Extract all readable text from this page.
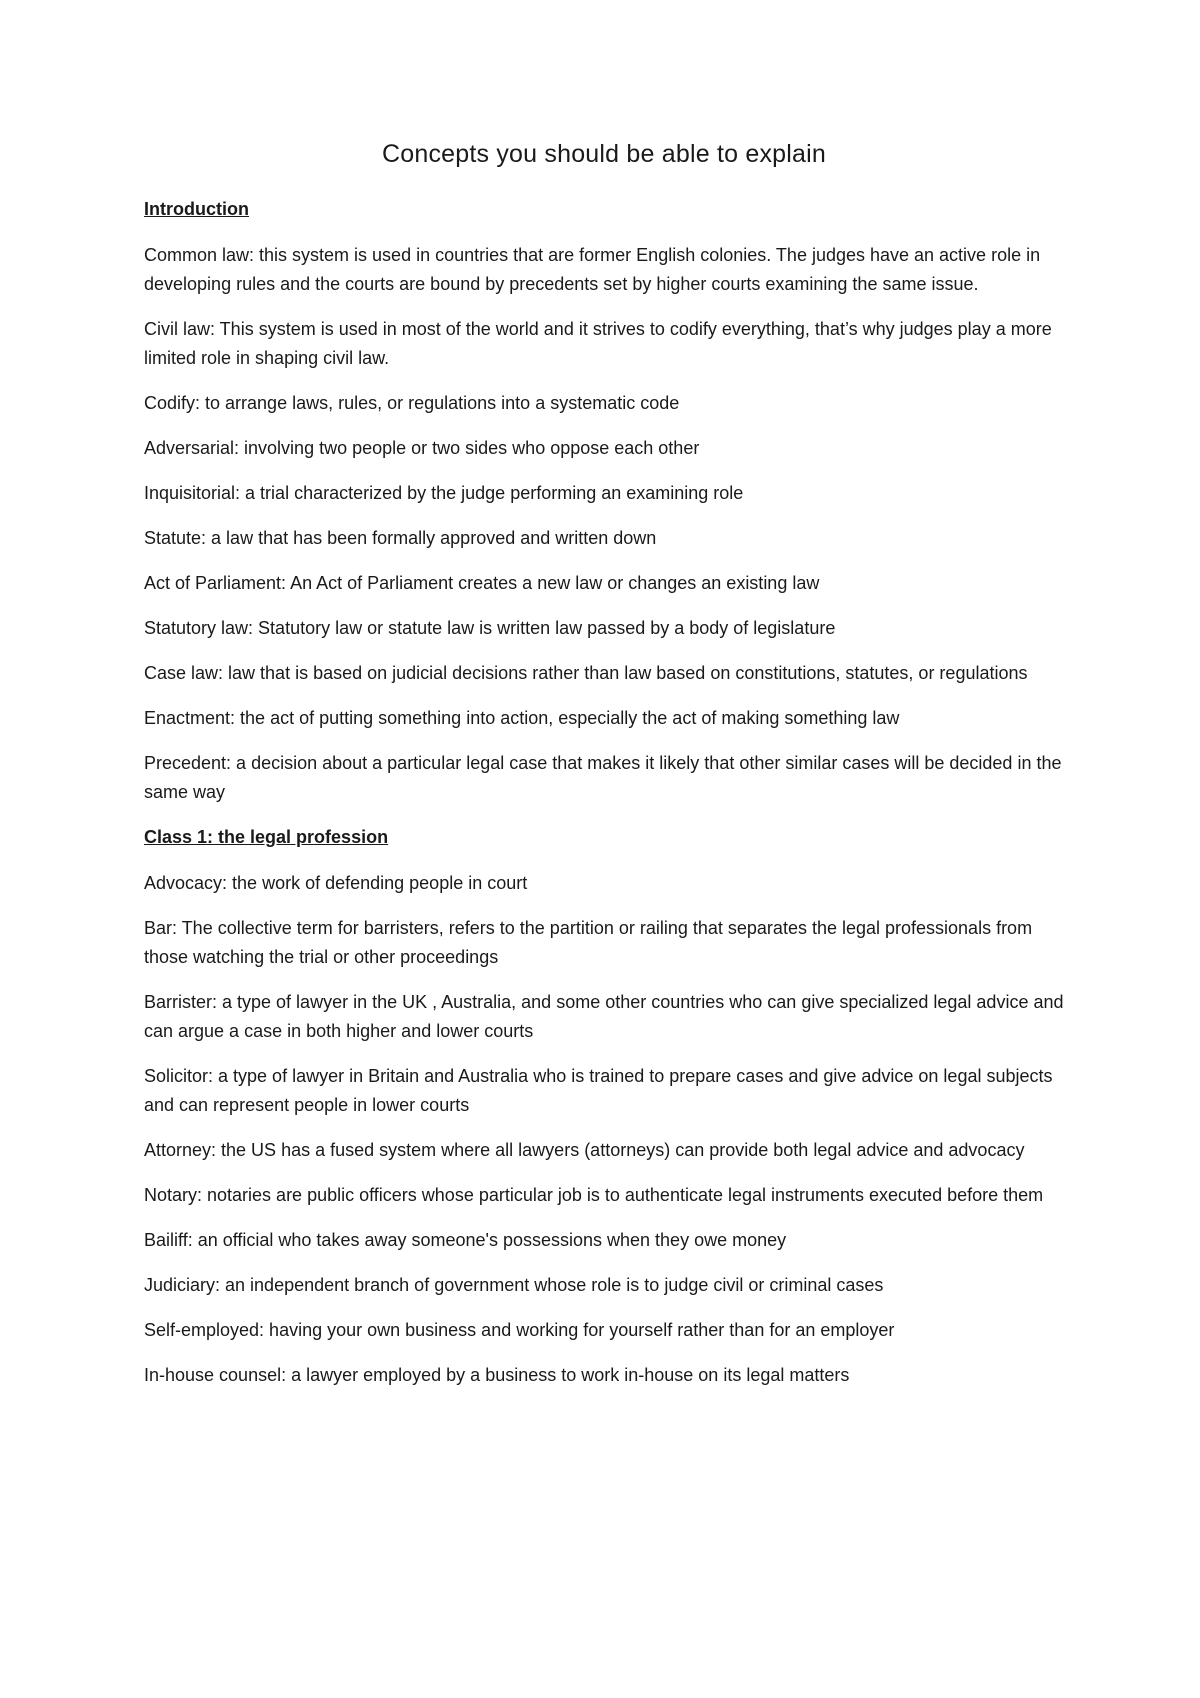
Concepts you should be able to explain
Introduction

Common law: this system is used in countries that are former English colonies. The judges have an active role in developing rules and the courts are bound by precedents set by higher courts examining the same issue.

Civil law: This system is used in most of the world and it strives to codify everything, that’s why judges play a more limited role in shaping civil law.

Codify: to arrange laws, rules, or regulations into a systematic code

Adversarial: involving two people or two sides who oppose each other

Inquisitorial: a trial characterized by the judge performing an examining role

Statute: a law that has been formally approved and written down

Act of Parliament: An Act of Parliament creates a new law or changes an existing law

Statutory law: Statutory law or statute law is written law passed by a body of legislature

Case law: law that is based on judicial decisions rather than law based on constitutions, statutes, or regulations

Enactment: the act of putting something into action, especially the act of making something law

Precedent: a decision about a particular legal case that makes it likely that other similar cases will be decided in the same way

Class 1: the legal profession

Advocacy: the work of defending people in court

Bar: The collective term for barristers, refers to the partition or railing that separates the legal professionals from those watching the trial or other proceedings

Barrister: a type of lawyer in the UK , Australia, and some other countries who can give specialized legal advice and can argue a case in both higher and lower courts

Solicitor: a type of lawyer in Britain and Australia who is trained to prepare cases and give advice on legal subjects and can represent people in lower courts

Attorney: the US has a fused system where all lawyers (attorneys) can provide both legal advice and advocacy

Notary: notaries are public officers whose particular job is to authenticate legal instruments executed before them

Bailiff: an official who takes away someone's possessions when they owe money

Judiciary: an independent branch of government whose role is to judge civil or criminal cases

Self-employed: having your own business and working for yourself rather than for an employer

In-house counsel: a lawyer employed by a business to work in-house on its legal matters
